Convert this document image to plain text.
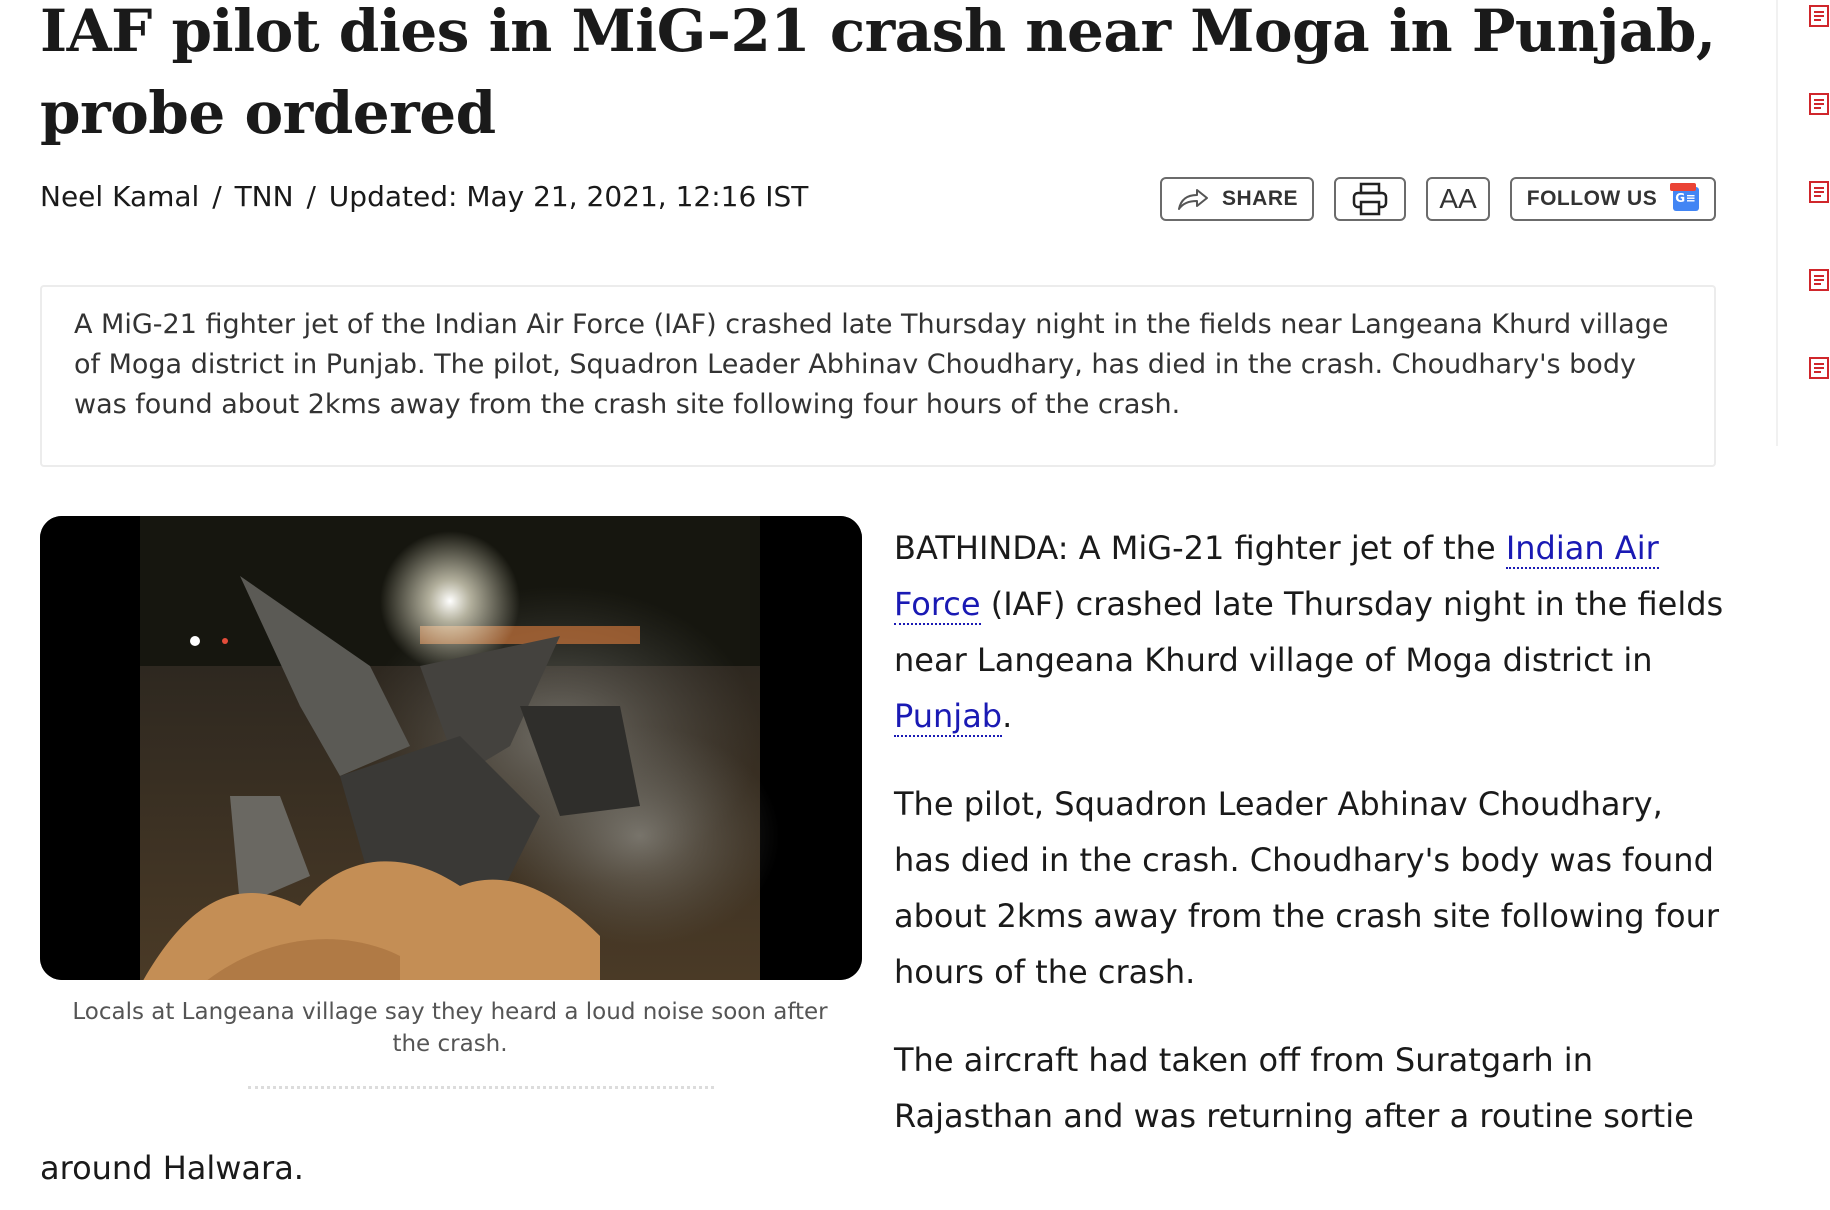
IAF pilot dies in MiG-21 crash near Moga in Punjab, probe ordered
Neel Kamal / TNN / Updated: May 21, 2021, 12:16 IST	SHARE	AA	FOLLOW US
G≡
A MiG-21 fighter jet of the Indian Air Force (IAF) crashed late Thursday night in the fields near Langeana Khurd village of Moga district in Punjab. The pilot, Squadron Leader Abhinav Choudhary, has died in the crash. Choudhary's body was found about 2kms away from the crash site following four hours of the crash.
Locals at Langeana village say they heard a loud noise soon after the crash.

BATHINDA: A MiG-21 fighter jet of the Indian Air Force (IAF) crashed late Thursday night in the fields near Langeana Khurd village of Moga district in Punjab.

The pilot, Squadron Leader Abhinav Choudhary, has died in the crash. Choudhary's body was found about 2kms away from the crash site following four hours of the crash.

The aircraft had taken off from Suratgarh in Rajasthan and was returning after a routine sortie

around Halwara.
